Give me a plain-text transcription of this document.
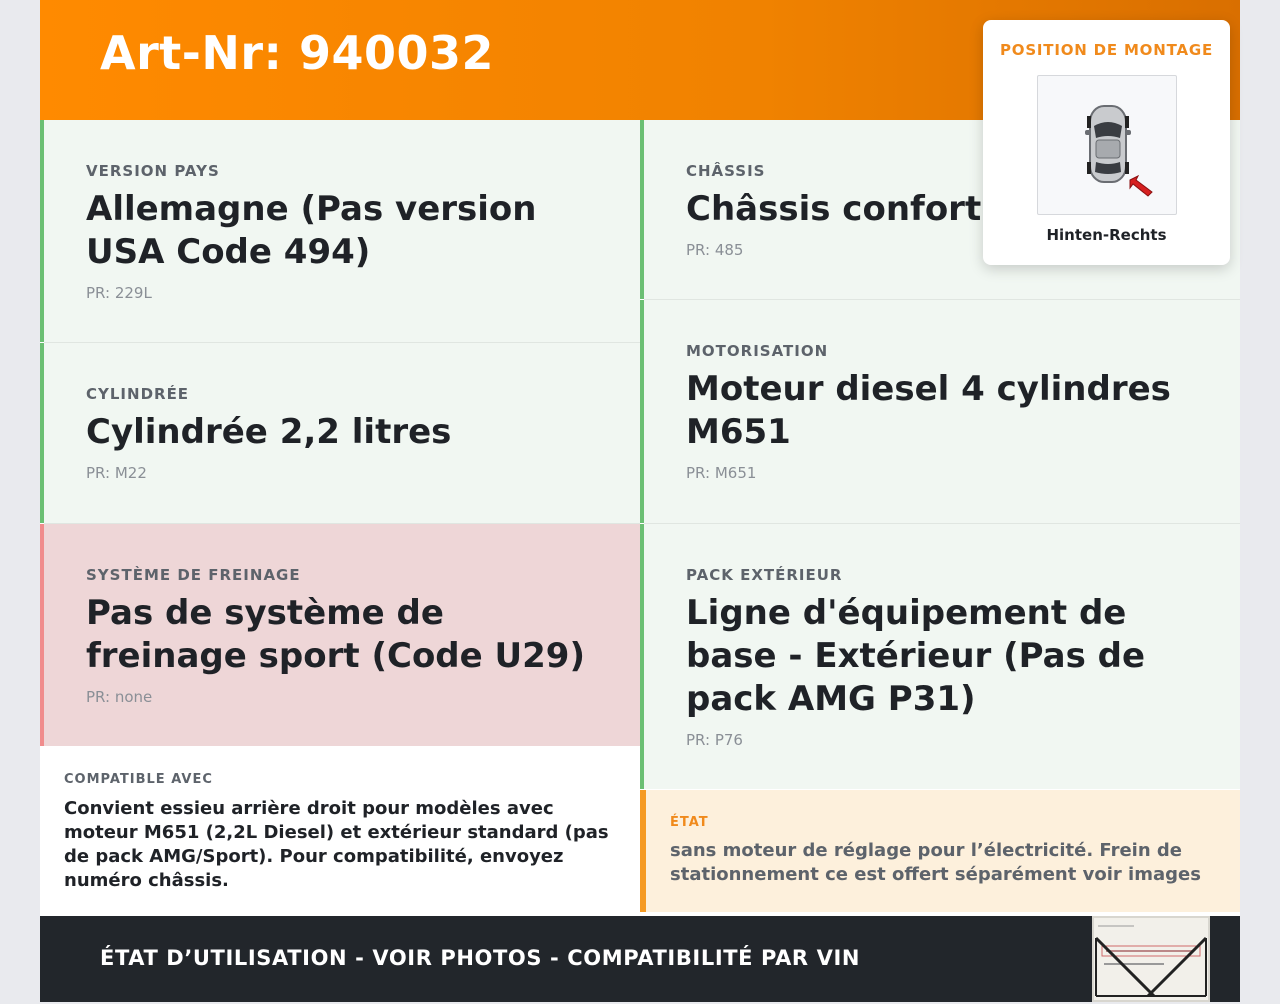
Art-Nr: 940032
VERSION PAYS
Allemagne (Pas version USA Code 494)
PR: 229L
CHÂSSIS
Châssis confort
PR: 485
CYLINDRÉE
Cylindrée 2,2 litres
PR: M22
MOTORISATION
Moteur diesel 4 cylindres M651
PR: M651
SYSTÈME DE FREINAGE
Pas de système de freinage sport (Code U29)
PR: none
PACK EXTÉRIEUR
Ligne d'équipement de base - Extérieur (Pas de pack AMG P31)
PR: P76
COMPATIBLE AVEC
Convient essieu arrière droit pour modèles avec moteur M651 (2,2L Diesel) et extérieur standard (pas de pack AMG/Sport). Pour compatibilité, envoyez numéro châssis.
ÉTAT
sans moteur de réglage pour l’électricité. Frein de stationnement ce est offert séparément voir images
ÉTAT D’UTILISATION - VOIR PHOTOS - COMPATIBILITÉ PAR VIN
POSITION DE MONTAGE
Hinten-Rechts
